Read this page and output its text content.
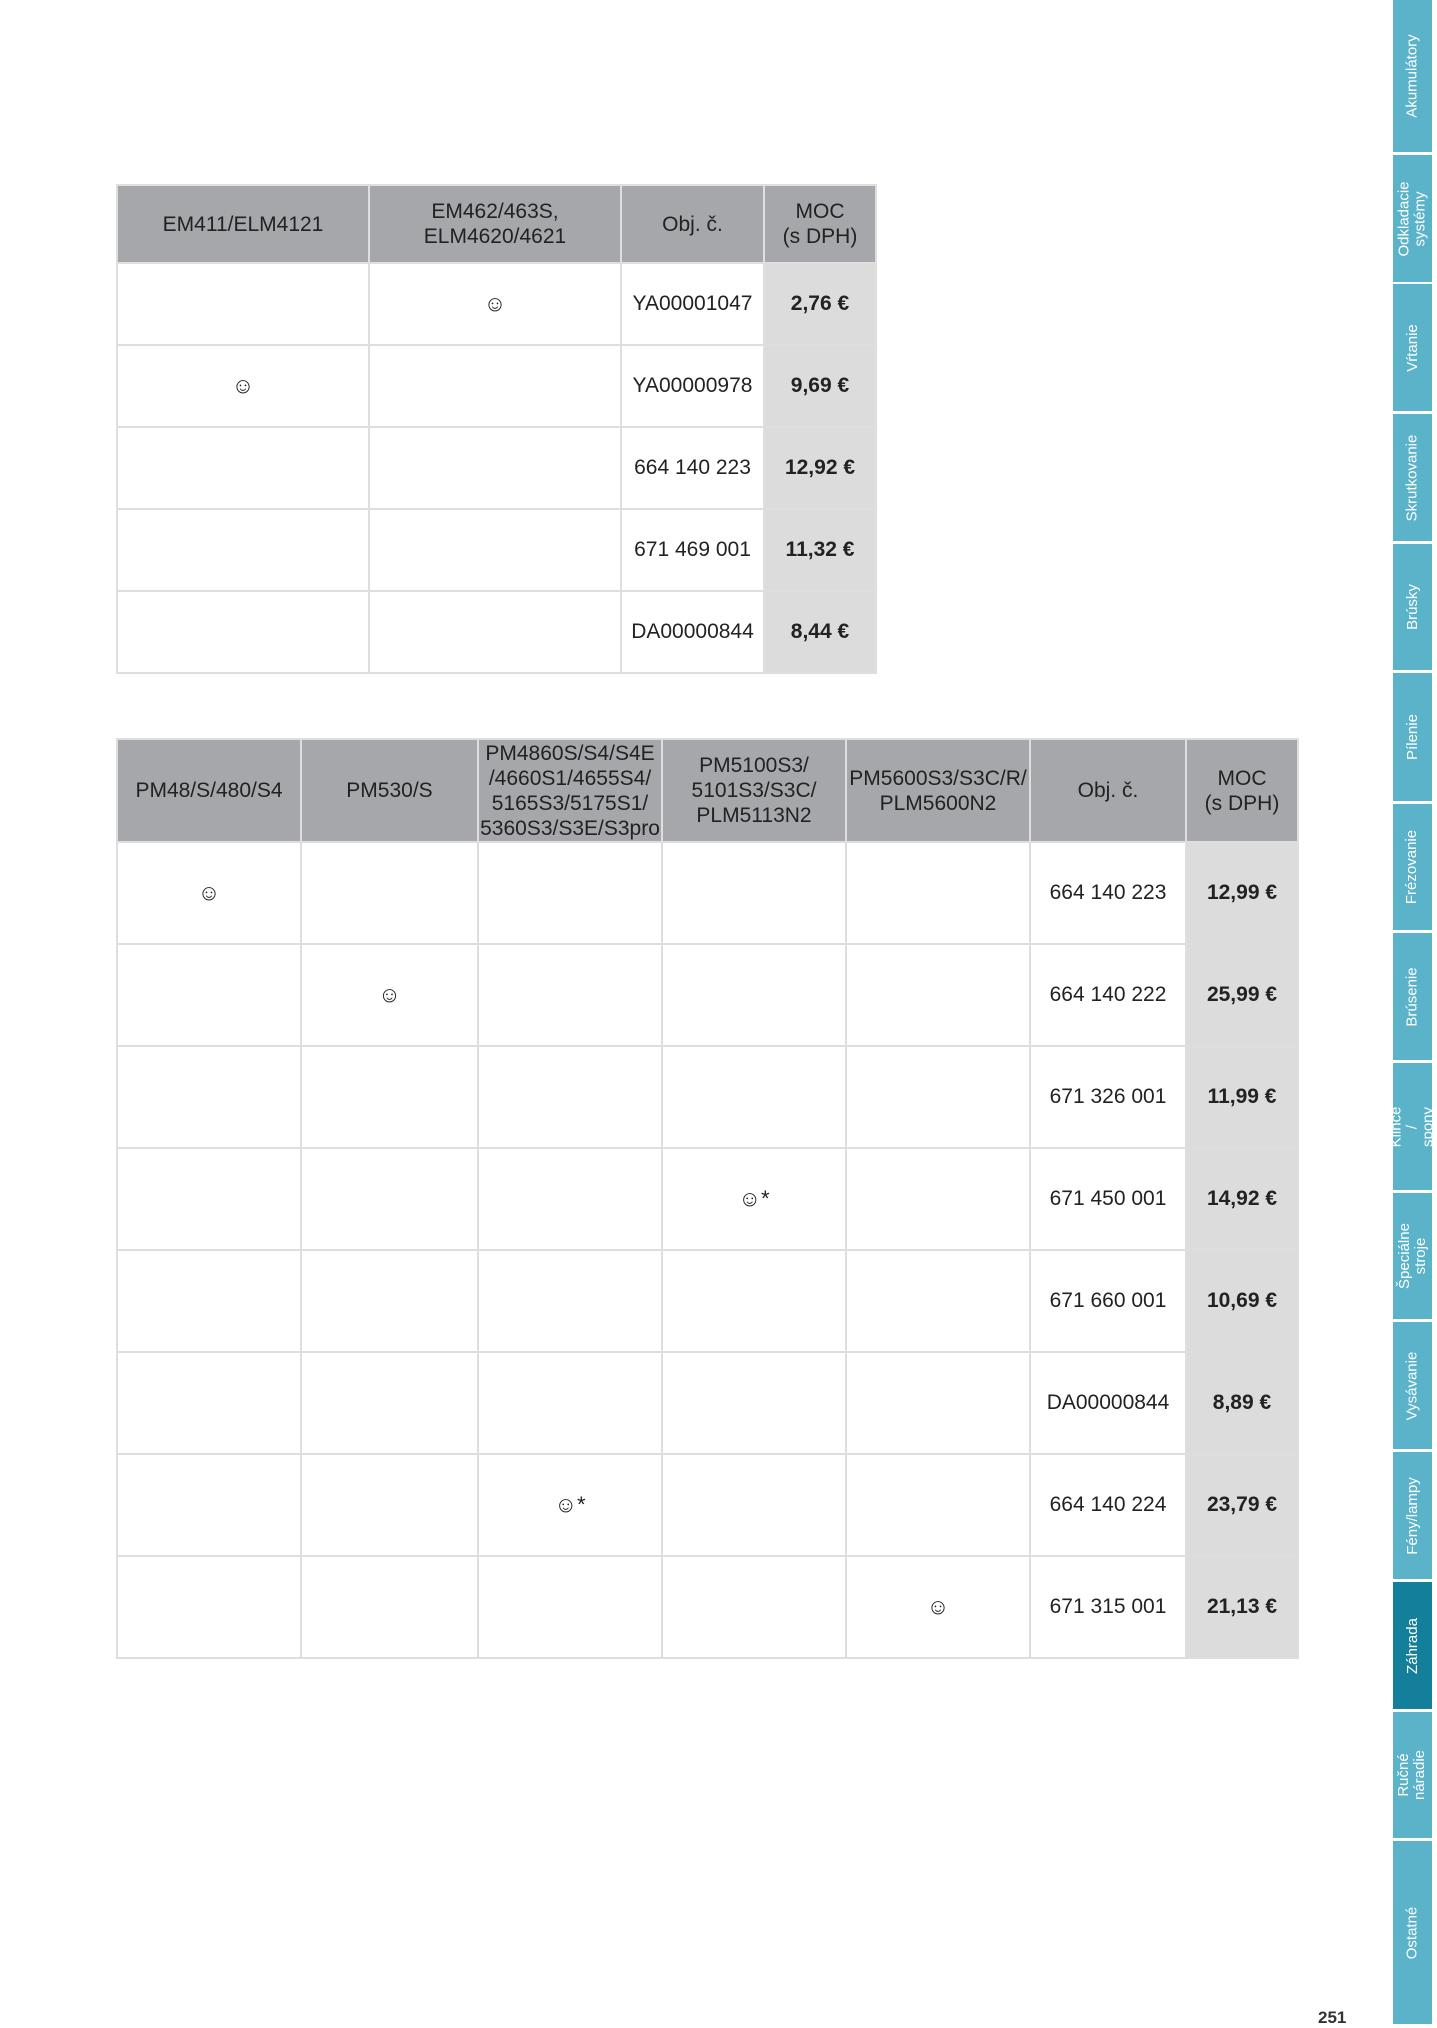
EM411/ELM4121	EM462/463S,
ELM4620/4621	Obj. č.	MOC
(s DPH)
	☺	YA00001047	2,76 €
☺		YA00000978	9,69 €
		664 140 223	12,92 €
		671 469 001	11,32 €
		DA00000844	8,44 €
PM48/S/480/S4	PM530/S	PM4860S/S4/S4E
/4660S1/4655S4/
5165S3/5175S1/
5360S3/S3E/S3pro	PM5100S3/
5101S3/S3C/
PLM5113N2	PM5600S3/S3C/R/
PLM5600N2	Obj. č.	MOC
(s DPH)
☺					664 140 223	12,99 €
	☺				664 140 222	25,99 €
					671 326 001	11,99 €
			☺*		671 450 001	14,92 €
					671 660 001	10,69 €
					DA00000844	8,89 €
		☺*			664 140 224	23,79 €
				☺	671 315 001	21,13 €
Akumulátory
Odkladacie
systémy
Vŕtanie
Skrutkovanie
Brúsky
Pílenie
Frézovanie
Brúsenie
Klince / spony
Špeciálne stroje
Vysávanie
Fény/lampy
Záhrada
Ručné náradie
Ostatné
251
